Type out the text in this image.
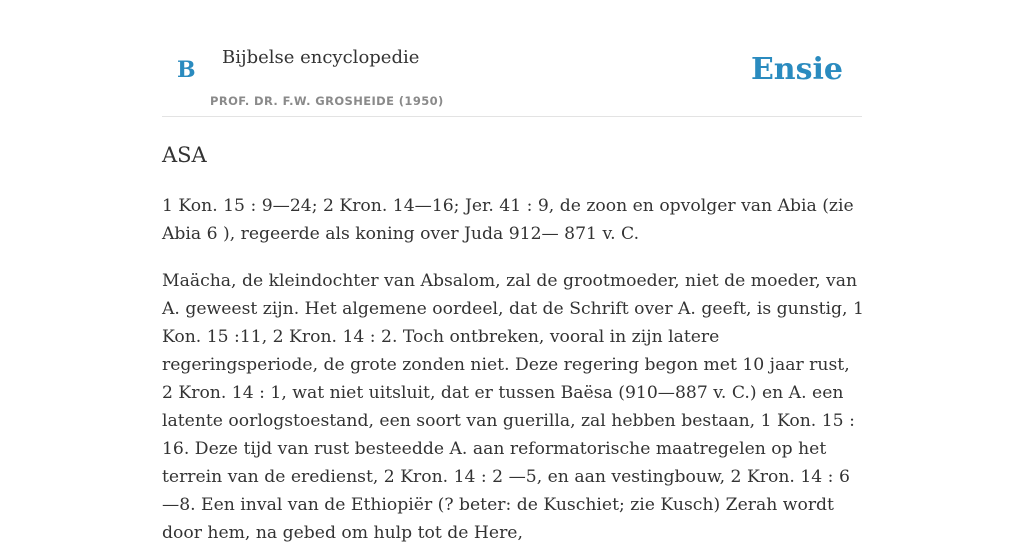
B Bijbelse encyclopedie
PROF. DR. F.W. GROSHEIDE (1950)
Ensie
ASA

1 Kon. 15 : 9—24; 2 Kron. 14—16; Jer. 41 : 9, de zoon en opvolger van Abia (zie Abia 6 ), regeerde als koning over Juda 912— 871 v. C.

Maächa, de kleindochter van Absalom, zal de grootmoeder, niet de moeder, van A. geweest zijn. Het algemene oordeel, dat de Schrift over A. geeft, is gunstig, 1 Kon. 15 :11, 2 Kron. 14 : 2. Toch ontbreken, vooral in zijn latere regeringsperiode, de grote zonden niet. Deze regering begon met 10 jaar rust, 2 Kron. 14 : 1, wat niet uitsluit, dat er tussen Baësa (910—887 v. C.) en A. een latente oorlogstoestand, een soort van guerilla, zal hebben bestaan, 1 Kon. 15 : 16. Deze tijd van rust besteedde A. aan reformatorische maatregelen op het terrein van de eredienst, 2 Kron. 14 : 2 —5, en aan vestingbouw, 2 Kron. 14 : 6—8. Een inval van de Ethiopiër (? beter: de Kuschiet; zie Kusch) Zerah wordt door hem, na gebed om hulp tot de Here,
